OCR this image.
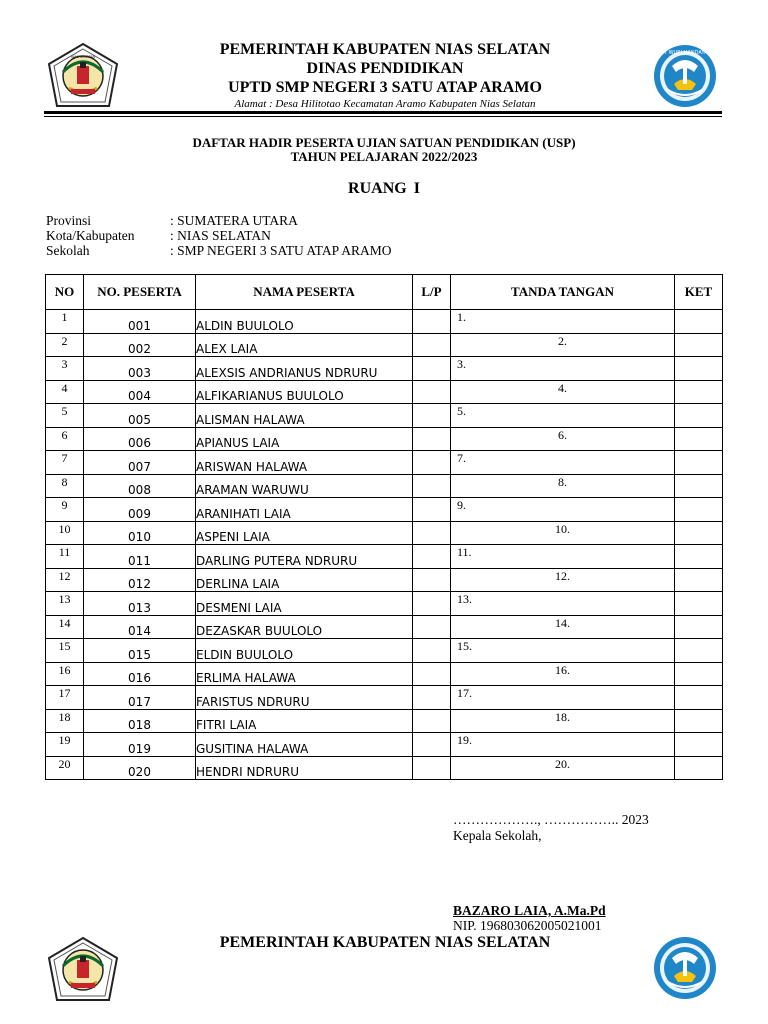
NIAS SELATAN
TUT WURI HANDAYANI
PEMERINTAH KABUPATEN NIAS SELATAN
DINAS PENDIDIKAN
UPTD SMP NEGERI 3 SATU ATAP ARAMO
Alamat : Desa Hilitotao Kecamatan Aramo Kabupaten Nias Selatan
DAFTAR HADIR PESERTA UJIAN SATUAN PENDIDIKAN (USP)
TAHUN PELAJARAN 2022/2023
RUANG I
Provinsi	: SUMATERA UTARA
Kota/Kabupaten	: NIAS SELATAN
Sekolah	: SMP NEGERI 3 SATU ATAP ARAMO
NO	NO. PESERTA	NAMA PESERTA	L/P	TANDA TANGAN	KET
1	001	ALDIN BUULOLO		1.	
2	002	ALEX LAIA		2.	
3	003	ALEXSIS ANDRIANUS NDRURU		3.	
4	004	ALFIKARIANUS BUULOLO		4.	
5	005	ALISMAN HALAWA		5.	
6	006	APIANUS LAIA		6.	
7	007	ARISWAN HALAWA		7.	
8	008	ARAMAN WARUWU		8.	
9	009	ARANIHATI LAIA		9.	
10	010	ASPENI LAIA		10.	
11	011	DARLING PUTERA NDRURU		11.	
12	012	DERLINA LAIA		12.	
13	013	DESMENI LAIA		13.	
14	014	DEZASKAR BUULOLO		14.	
15	015	ELDIN BUULOLO		15.	
16	016	ERLIMA HALAWA		16.	
17	017	FARISTUS NDRURU		17.	
18	018	FITRI LAIA		18.	
19	019	GUSITINA HALAWA		19.	
20	020	HENDRI NDRURU		20.	
………………., …………….. 2023
Kepala Sekolah,
BAZARO LAIA, A.Ma.Pd
NIP. 196803062005021001
PEMERINTAH KABUPATEN NIAS SELATAN
